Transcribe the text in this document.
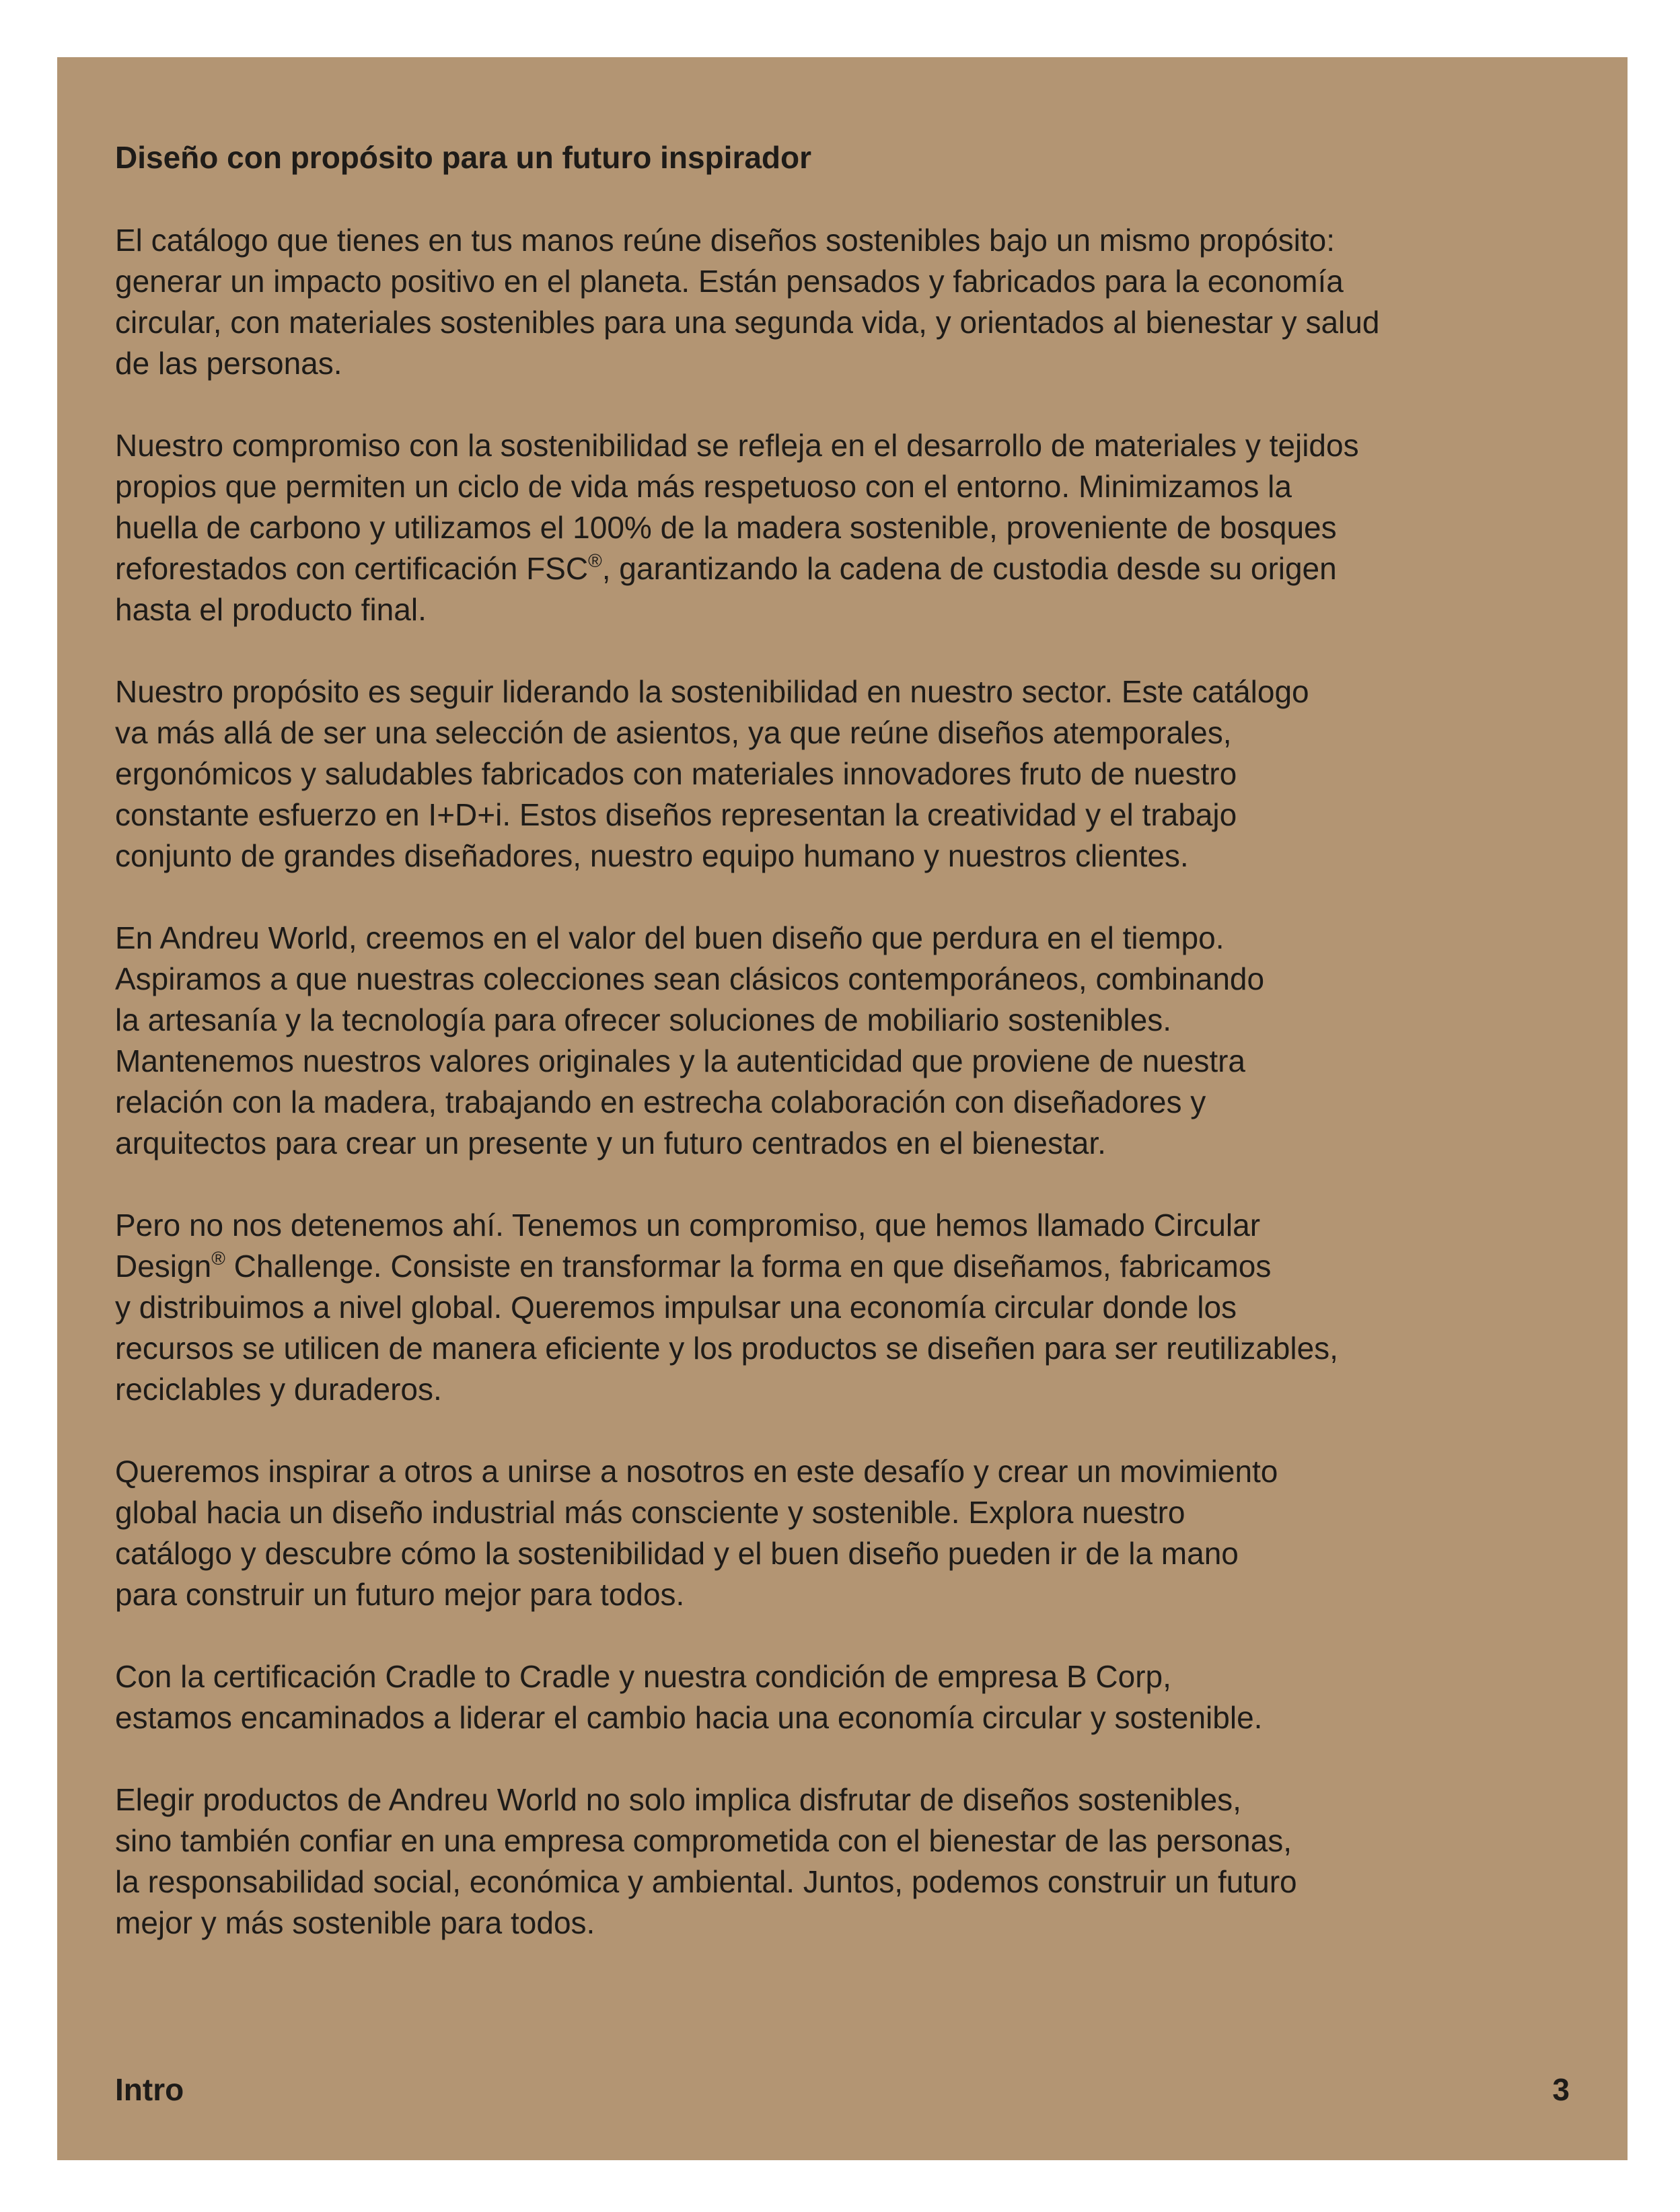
Diseño con propósito para un futuro inspirador
El catálogo que tienes en tus manos reúne diseños sostenibles bajo un mismo propósito:
generar un impacto positivo en el planeta. Están pensados y fabricados para la economía
circular, con materiales sostenibles para una segunda vida, y orientados al bienestar y salud
de las personas.
Nuestro compromiso con la sostenibilidad se refleja en el desarrollo de materiales y tejidos
propios que permiten un ciclo de vida más respetuoso con el entorno. Minimizamos la
huella de carbono y utilizamos el 100% de la madera sostenible, proveniente de bosques
reforestados con certificación FSC®, garantizando la cadena de custodia desde su origen
hasta el producto final.
Nuestro propósito es seguir liderando la sostenibilidad en nuestro sector. Este catálogo
va más allá de ser una selección de asientos, ya que reúne diseños atemporales,
ergonómicos y saludables fabricados con materiales innovadores fruto de nuestro
constante esfuerzo en I+D+i. Estos diseños representan la creatividad y el trabajo
conjunto de grandes diseñadores, nuestro equipo humano y nuestros clientes.
En Andreu World, creemos en el valor del buen diseño que perdura en el tiempo.
Aspiramos a que nuestras colecciones sean clásicos contemporáneos, combinando
la artesanía y la tecnología para ofrecer soluciones de mobiliario sostenibles.
Mantenemos nuestros valores originales y la autenticidad que proviene de nuestra
relación con la madera, trabajando en estrecha colaboración con diseñadores y
arquitectos para crear un presente y un futuro centrados en el bienestar.
Pero no nos detenemos ahí. Tenemos un compromiso, que hemos llamado Circular
Design® Challenge. Consiste en transformar la forma en que diseñamos, fabricamos
y distribuimos a nivel global. Queremos impulsar una economía circular donde los
recursos se utilicen de manera eficiente y los productos se diseñen para ser reutilizables,
reciclables y duraderos.
Queremos inspirar a otros a unirse a nosotros en este desafío y crear un movimiento
global hacia un diseño industrial más consciente y sostenible. Explora nuestro
catálogo y descubre cómo la sostenibilidad y el buen diseño pueden ir de la mano
para construir un futuro mejor para todos.
Con la certificación Cradle to Cradle y nuestra condición de empresa B Corp,
estamos encaminados a liderar el cambio hacia una economía circular y sostenible.
Elegir productos de Andreu World no solo implica disfrutar de diseños sostenibles,
sino también confiar en una empresa comprometida con el bienestar de las personas,
la responsabilidad social, económica y ambiental. Juntos, podemos construir un futuro
mejor y más sostenible para todos.
Intro	3
